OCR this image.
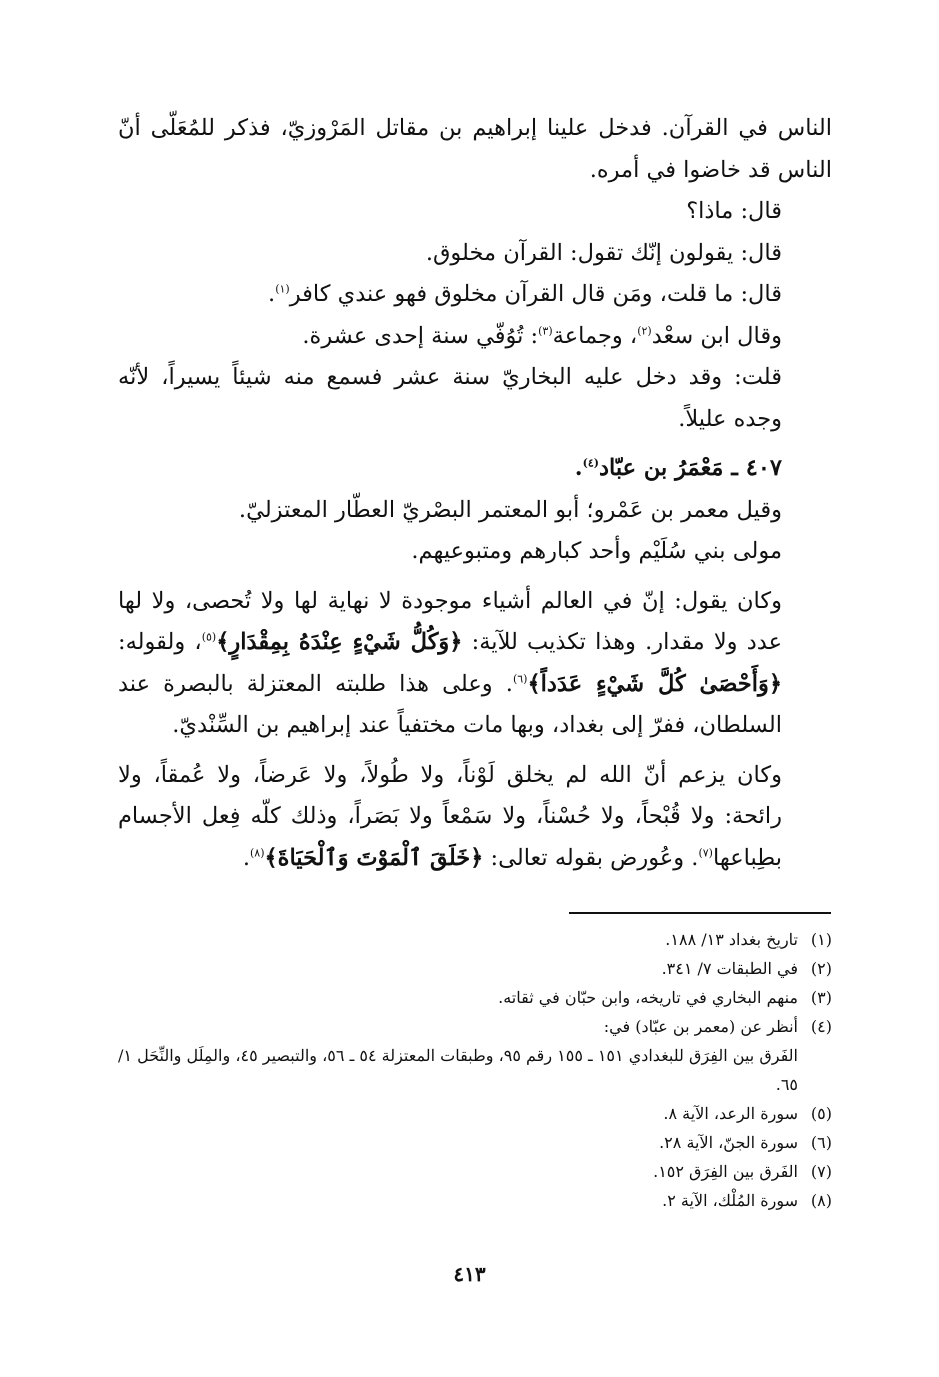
الناس في القرآن. فدخل علينا إبراهيم بن مقاتل المَرْوزيّ، فذكر للمُعَلّى أنّ الناس قد خاضوا في أمره.

قال: ماذا؟

قال: يقولون إنّك تقول: القرآن مخلوق.

قال: ما قلت، ومَن قال القرآن مخلوق فهو عندي كافر$^{(١)}$.

وقال ابن سعْد$^{(٢)}$، وجماعة$^{(٣)}$: تُوُفّي سنة إحدى عشرة.

قلت: وقد دخل عليه البخاريّ سنة عشر فسمع منه شيئاً يسيراً، لأنّه وجده عليلاً.

٤٠٧ ـ مَعْمَرُ بن عبّاد$^{(٤)}$.

وقيل معمر بن عَمْرو؛ أبو المعتمر البصْريّ العطّار المعتزليّ.

مولى بني سُلَيْم وأحد كبارهم ومتبوعيهم.

وكان يقول: إنّ في العالم أشياء موجودة لا نهاية لها ولا تُحصى، ولا لها عدد ولا مقدار. وهذا تكذيب للآية: ﴿وَكُلُّ شَيْءٍ عِنْدَهُ بِمِقْدَارٍ﴾$^{(٥)}$، ولقوله: ﴿وَأَحْصَىٰ كُلَّ شَيْءٍ عَدَداً﴾$^{(٦)}$. وعلى هذا طلبته المعتزلة بالبصرة عند السلطان، ففرّ إلى بغداد، وبها مات مختفياً عند إبراهيم بن السِّنْديّ.

وكان يزعم أنّ الله لم يخلق لَوْناً، ولا طُولاً، ولا عَرضاً، ولا عُمقاً، ولا رائحة: ولا قُبْحاً، ولا حُسْناً، ولا سَمْعاً ولا بَصَراً، وذلك كلّه فِعل الأجسام بطِباعها$^{(٧)}$. وعُورض بقوله تعالى: ﴿خَلَقَ ٱلْمَوْتَ وَٱلْحَيَاةَ﴾$^{(٨)}$.

(١)
تاريخ بغداد ١٣/ ١٨٨.
(٢)
في الطبقات ٧/ ٣٤١.
(٣)
منهم البخاري في تاريخه، وابن حبّان في ثقاته.
(٤)
أنظر عن (معمر بن عبّاد) في:
الفَرق بين الفِرَق للبغدادي ١٥١ ـ ١٥٥ رقم ٩٥، وطبقات المعتزلة ٥٤ ـ ٥٦، والتبصير ٤٥، والمِلَل والنِّحَل ١/ ٦٥.
(٥)
سورة الرعد، الآية ٨.
(٦)
سورة الجنّ، الآية ٢٨.
(٧)
الفَرق بين الفِرَق ١٥٢.
(٨)
سورة المُلْك، الآية ٢.
٤١٣
